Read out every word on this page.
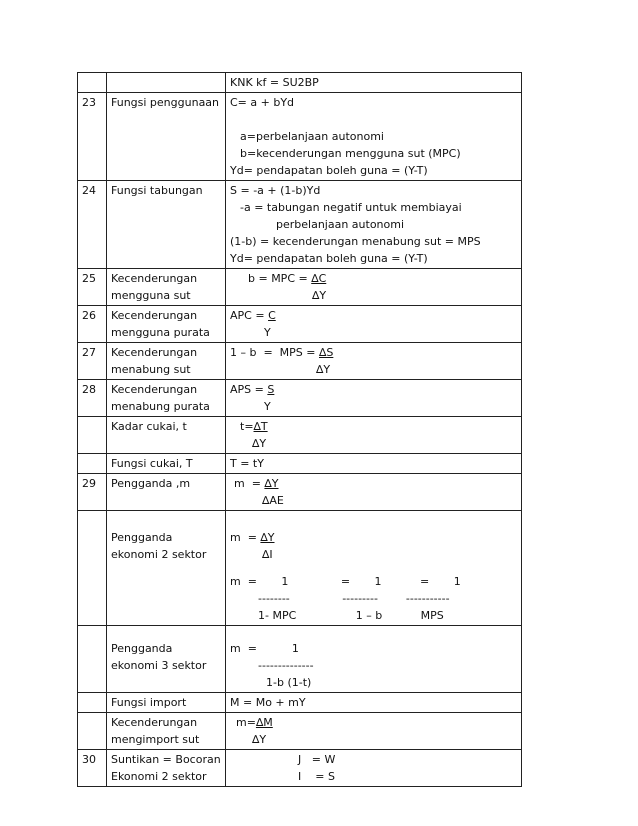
		KNK kf = SU2BP

23	Fungsi penggunaan	C= a + bYd
a=perbelanjaan autonomi
b=kecenderungan mengguna sut (MPC)
Yd= pendapatan boleh guna = (Y-T)

24	Fungsi tabungan	S = -a + (1-b)Yd
-a = tabungan negatif untuk membiayai
perbelanjaan autonomi
(1-b) = kecenderungan menabung sut = MPS
Yd= pendapatan boleh guna = (Y-T)

25	Kecenderungan mengguna sut	b = MPC = ∆C
∆Y

26	Kecenderungan mengguna purata	APC = C
Y

27	Kecenderungan menabung sut	1 – b  =  MPS = ∆S
∆Y

28	Kecenderungan menabung purata	APS = S
Y

	Kadar cukai, t	t=∆T
∆Y

	Fungsi cukai, T	T = tY

29	Pengganda ,m	m  = ∆Y
∆AE

	Pengganda ekonomi 2 sektor	m  = ∆Y
∆I
m  =       1               =       1           =       1
--------               ---------        -----------
1- MPC                 1 – b           MPS

	Pengganda ekonomi 3 sektor	m  =          1
--------------
1-b (1-t)

	Fungsi import	M = Mo + mY

	Kecenderungan mengimport sut	m=∆M
∆Y

30	Suntikan = Bocoran Ekonomi 2 sektor	J   = W
I    = S
